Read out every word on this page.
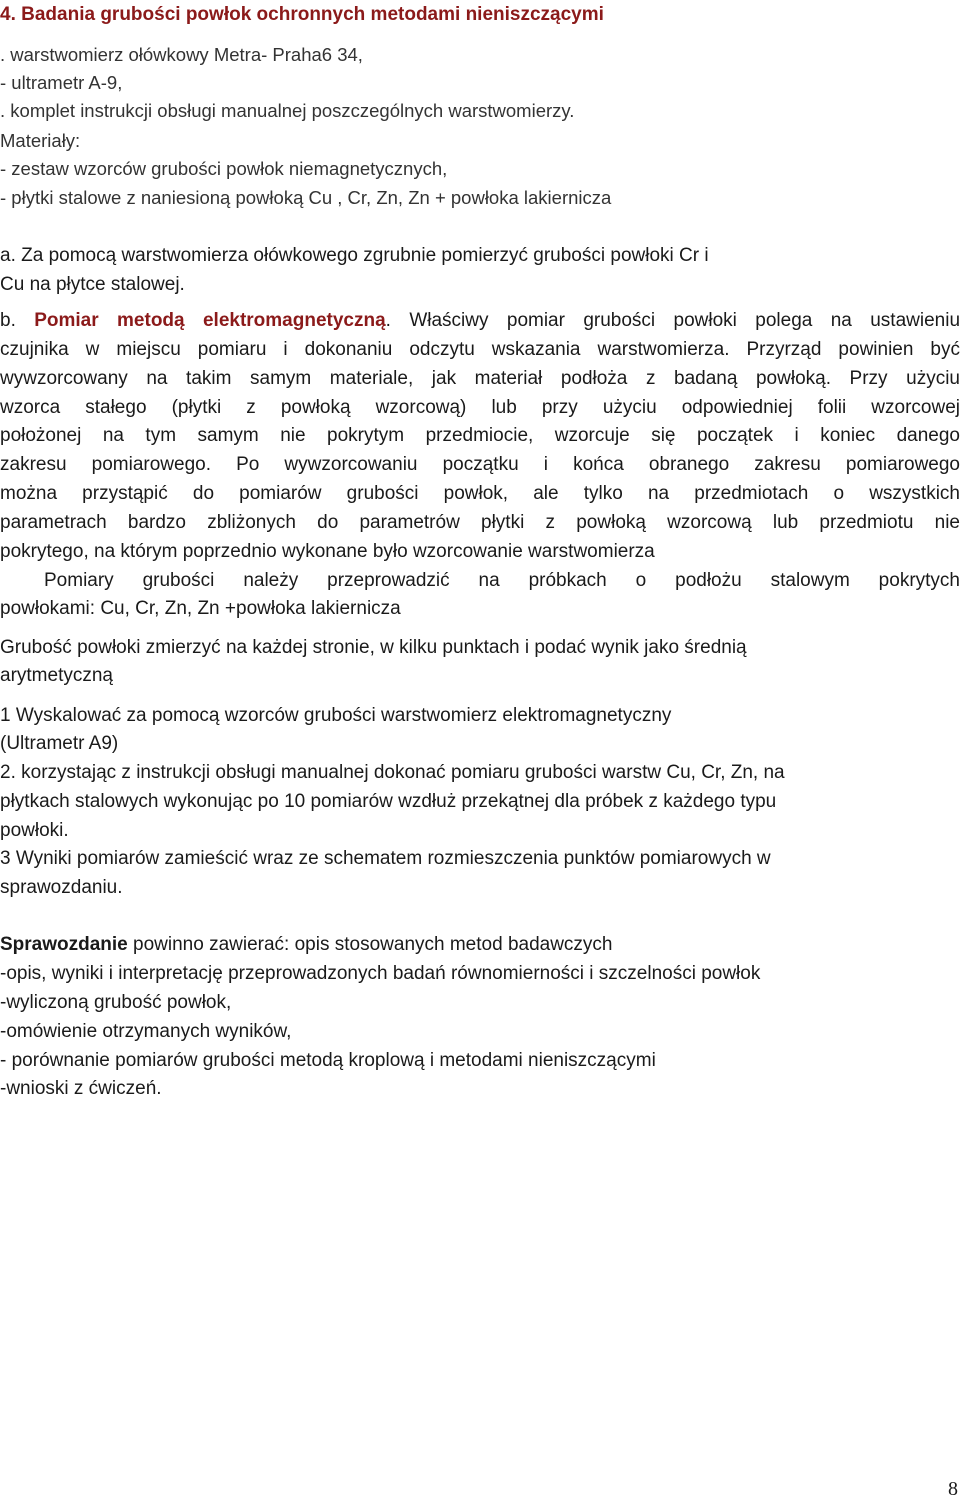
4. Badania grubości powłok ochronnych metodami nieniszczącymi
. warstwomierz ołówkowy Metra- Praha6 34,
- ultrametr A-9,
. komplet instrukcji obsługi manualnej poszczególnych warstwomierzy.
Materiały:
- zestaw wzorców grubości powłok niemagnetycznych,
- płytki stalowe z naniesioną powłoką Cu , Cr, Zn, Zn + powłoka lakiernicza
a. Za pomocą warstwomierza ołówkowego zgrubnie pomierzyć grubości powłoki Cr i
Cu na płytce stalowej.
b. Pomiar metodą elektromagnetyczną. Właściwy pomiar grubości powłoki polega na ustawieniu
czujnika w miejscu pomiaru i dokonaniu odczytu wskazania warstwomierza. Przyrząd powinien być
wywzorcowany na takim samym materiale, jak materiał podłoża z badaną powłoką. Przy użyciu
wzorca stałego (płytki z powłoką wzorcową) lub przy użyciu odpowiedniej folii wzorcowej
położonej na tym samym nie pokrytym przedmiocie, wzorcuje się początek i koniec danego
zakresu pomiarowego. Po wywzorcowaniu początku i końca obranego zakresu pomiarowego
można przystąpić do pomiarów grubości powłok, ale tylko na przedmiotach o wszystkich
parametrach bardzo zbliżonych do parametrów płytki z powłoką wzorcową lub przedmiotu nie
pokrytego, na którym poprzednio wykonane było wzorcowanie warstwomierza
Pomiary grubości należy przeprowadzić na próbkach o podłożu stalowym pokrytych
powłokami: Cu, Cr, Zn, Zn +powłoka lakiernicza
Grubość powłoki zmierzyć na każdej stronie, w kilku punktach i podać wynik jako średnią
arytmetyczną
1 Wyskalować za pomocą wzorców grubości warstwomierz elektromagnetyczny
(Ultrametr A9)
2. korzystając z instrukcji obsługi manualnej dokonać pomiaru grubości warstw Cu, Cr, Zn, na
płytkach stalowych wykonując po 10 pomiarów wzdłuż przekątnej dla próbek z każdego typu
powłoki.
3 Wyniki pomiarów zamieścić wraz ze schematem rozmieszczenia punktów pomiarowych w
sprawozdaniu.
Sprawozdanie powinno zawierać: opis stosowanych metod badawczych
-opis, wyniki i interpretację przeprowadzonych badań równomierności i szczelności powłok
-wyliczoną grubość powłok,
-omówienie otrzymanych wyników,
- porównanie pomiarów grubości metodą kroplową i metodami nieniszczącymi
-wnioski z ćwiczeń.
8
